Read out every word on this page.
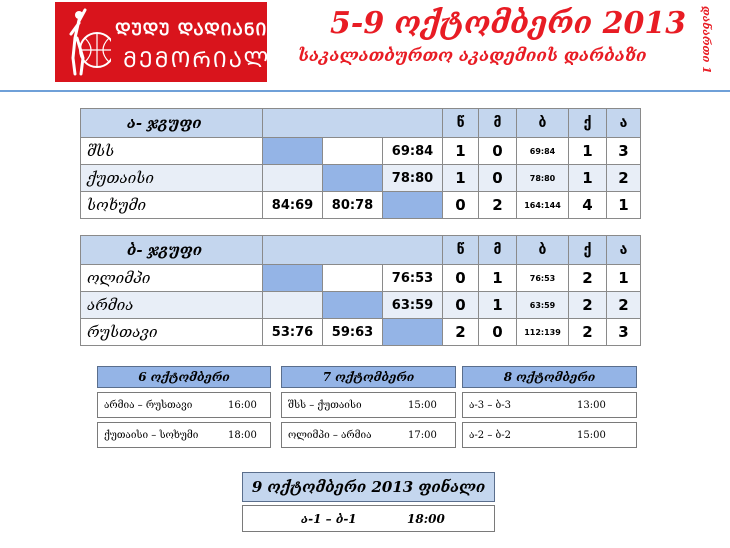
ᲓᲣᲓᲣ ᲓᲐᲓᲘᲐᲜᲘᲡ
ᲛᲔᲛᲝᲠᲘᲐᲚᲘ
5-9 ოქტომბერი 2013
საკალათბურთო აკადემიის დარბაზი	დანართი 1
ა- ჯგუფი				წ	მ	ბ	ქ	ა
შსს			69:84	1	0	69:84	1	3
ქუთაისი			78:80	1	0	78:80	1	2
სოხუმი	84:69	80:78		0	2	164:144	4	1
ბ- ჯგუფი				წ	მ	ბ	ქ	ა
ოლიმპი			76:53	0	1	76:53	2	1
არმია			63:59	0	1	63:59	2	2
რუსთავი	53:76	59:63		2	0	112:139	2	3
6 ოქტომბერი
არმია – რუსთავი	16:00
ქუთაისი – სოხუმი	18:00
7 ოქტომბერი
შსს – ქუთაისი	15:00
ოლიმპი – არმია	17:00
8 ოქტომბერი
ა-3 – ბ-3	13:00
ა-2 – ბ-2	15:00
9 ოქტომბერი 2013 ფინალი
ა-1 – ბ-1	18:00
